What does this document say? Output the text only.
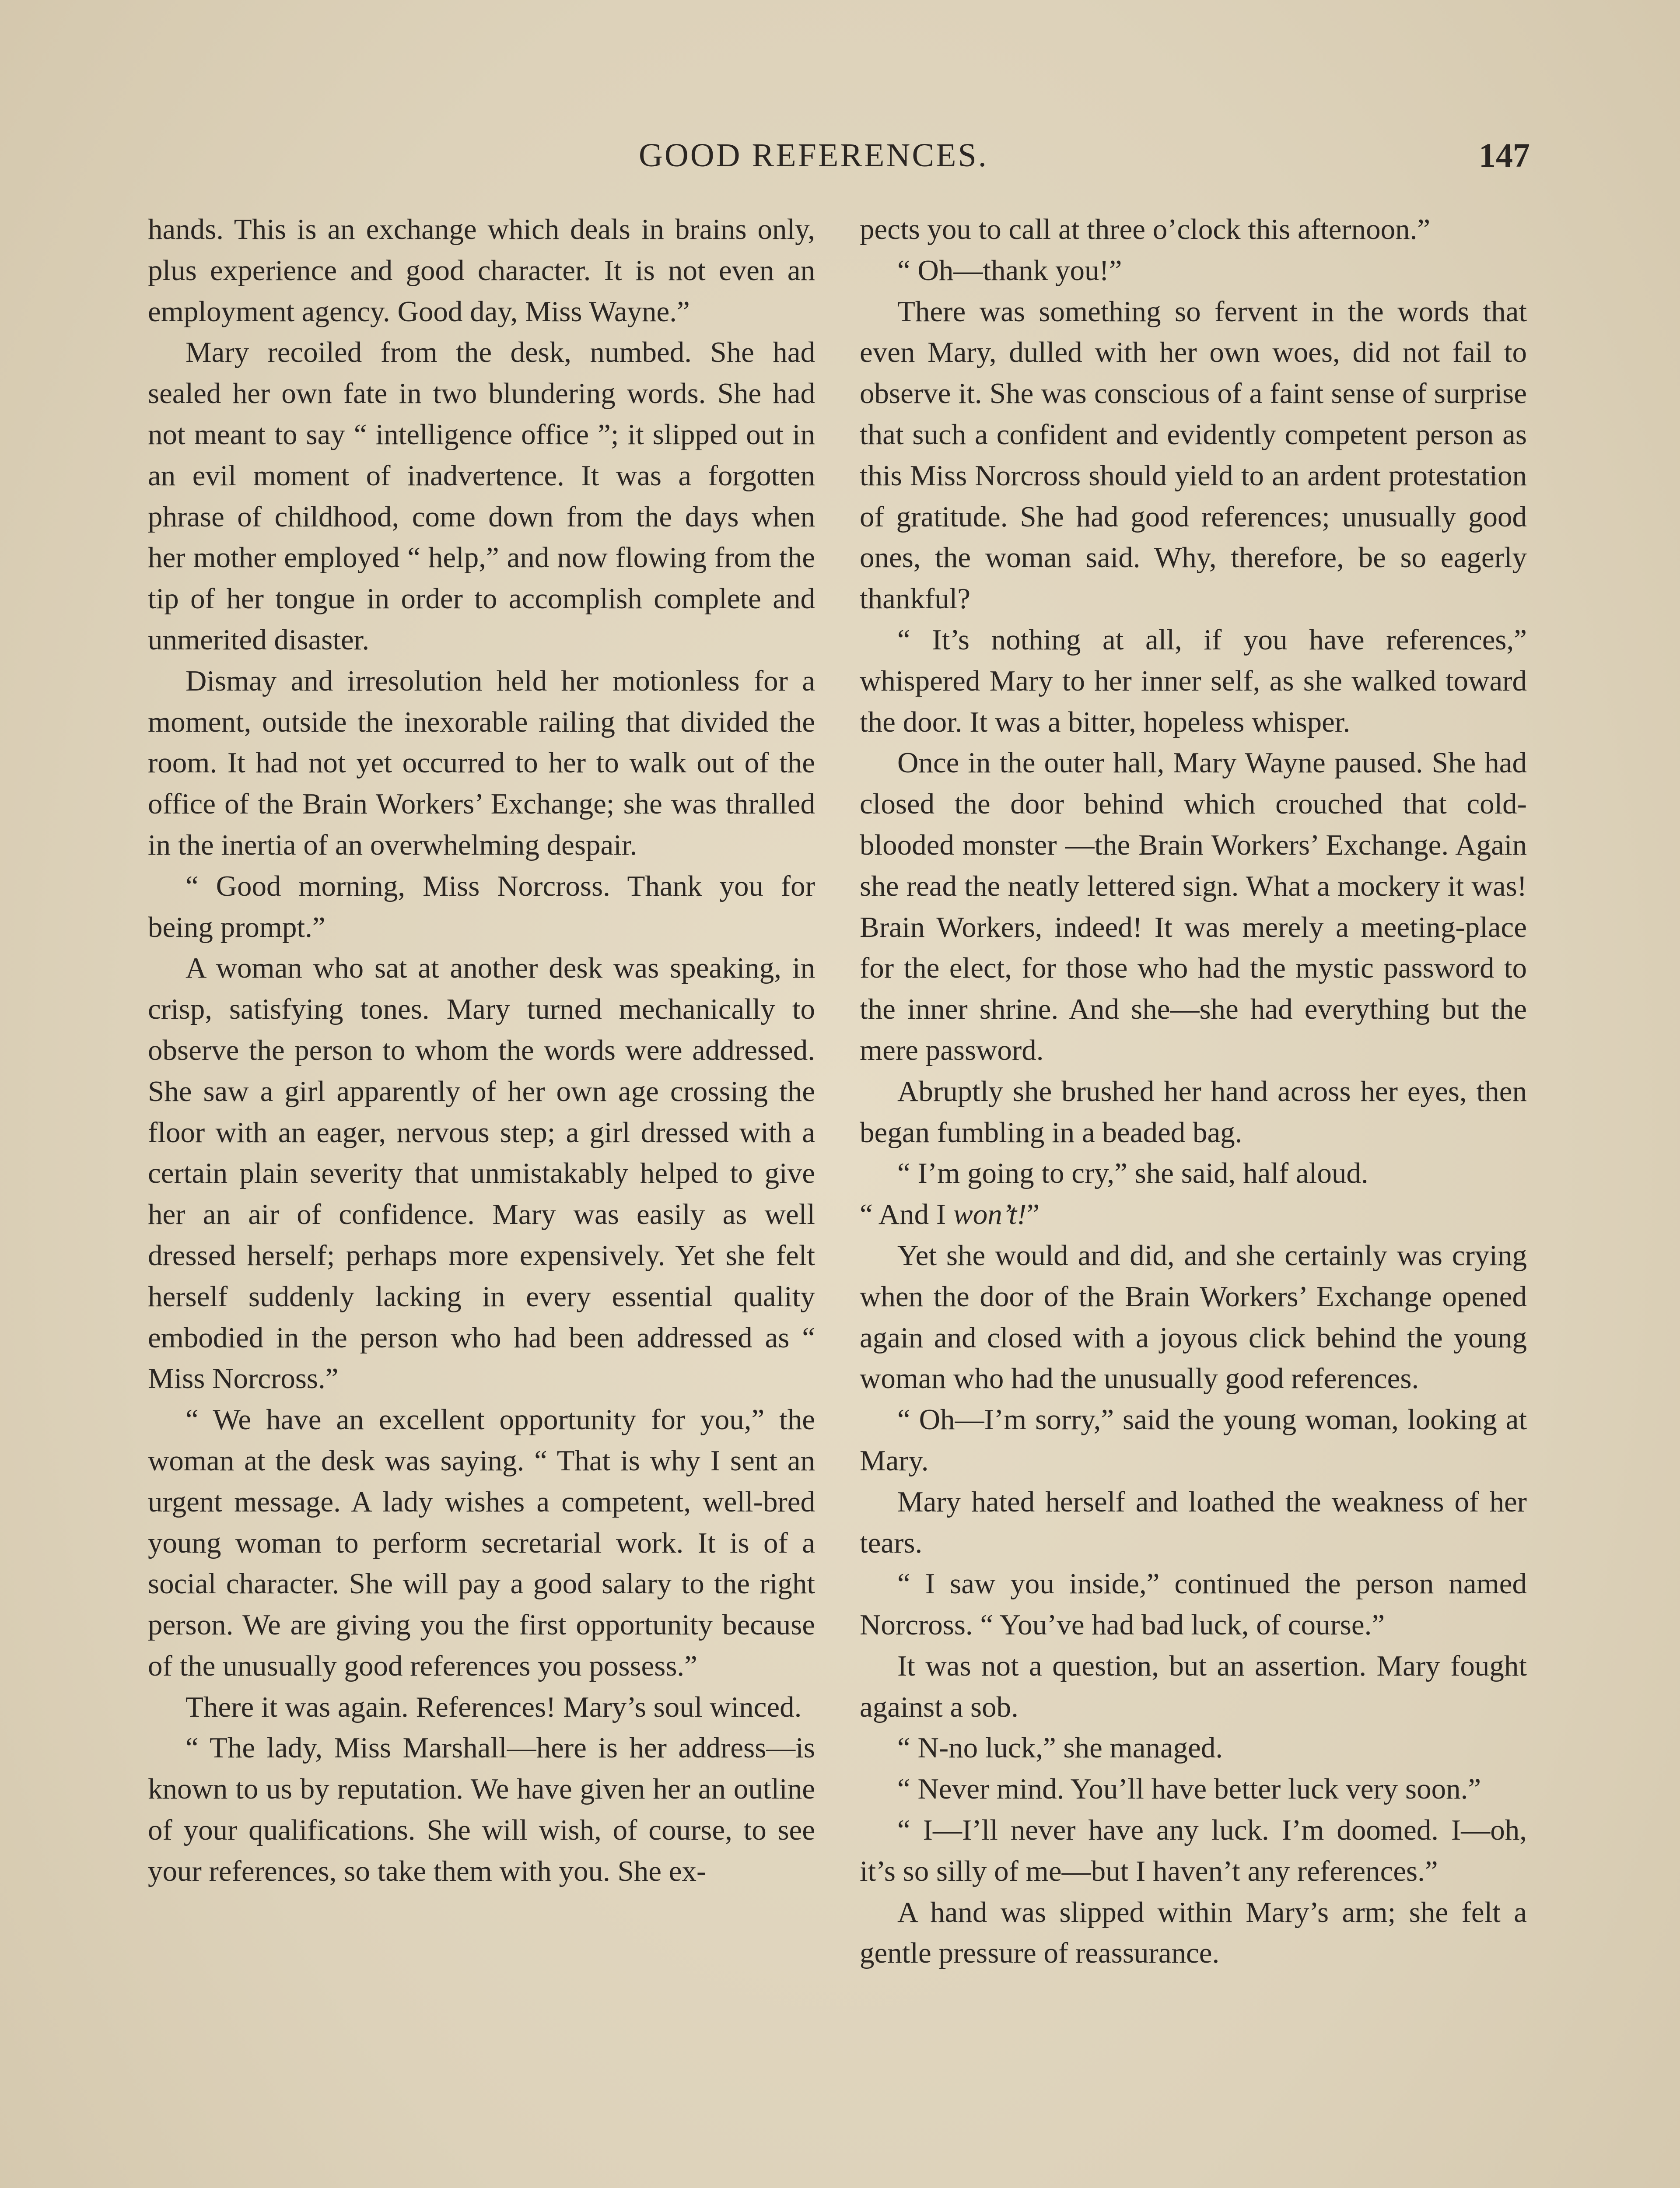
GOOD REFERENCES.	147

hands. This is an exchange which deals in brains only, plus experience and good character. It is not even an employment agency. Good day, Miss Wayne.”

Mary recoiled from the desk, numbed. She had sealed her own fate in two blundering words. She had not meant to say “ intelligence office ”; it slipped out in an evil moment of inadvertence. It was a forgotten phrase of childhood, come down from the days when her mother employed “ help,” and now flowing from the tip of her tongue in order to accomplish complete and unmerited disaster.

Dismay and irresolution held her motionless for a moment, outside the inexorable railing that divided the room. It had not yet occurred to her to walk out of the office of the Brain Workers’ Exchange; she was thralled in the inertia of an overwhelming despair.

“ Good morning, Miss Norcross. Thank you for being prompt.”

A woman who sat at another desk was speaking, in crisp, satisfying tones. Mary turned mechanically to observe the person to whom the words were addressed. She saw a girl apparently of her own age crossing the floor with an eager, nervous step; a girl dressed with a certain plain severity that unmistakably helped to give her an air of confidence. Mary was easily as well dressed herself; perhaps more expensively. Yet she felt herself suddenly lacking in every essential quality embodied in the person who had been addressed as “ Miss Norcross.”

“ We have an excellent opportunity for you,” the woman at the desk was saying. “ That is why I sent an urgent message. A lady wishes a competent, well-bred young woman to perform secretarial work. It is of a social character. She will pay a good salary to the right person. We are giving you the first opportunity because of the unusually good references you possess.”

There it was again. References! Mary’s soul winced.

“ The lady, Miss Marshall—here is her address—is known to us by reputation. We have given her an outline of your qualifications. She will wish, of course, to see your references, so take them with you. She ex-

pects you to call at three o’clock this afternoon.”

“ Oh—thank you!”

There was something so fervent in the words that even Mary, dulled with her own woes, did not fail to observe it. She was conscious of a faint sense of surprise that such a confident and evidently competent person as this Miss Norcross should yield to an ardent protestation of gratitude. She had good references; unusually good ones, the woman said. Why, therefore, be so eagerly thankful?

“ It’s nothing at all, if you have references,” whispered Mary to her inner self, as she walked toward the door. It was a bitter, hopeless whisper.

Once in the outer hall, Mary Wayne paused. She had closed the door behind which crouched that cold-blooded monster —the Brain Workers’ Exchange. Again she read the neatly lettered sign. What a mockery it was! Brain Workers, indeed! It was merely a meeting-place for the elect, for those who had the mystic password to the inner shrine. And she—she had everything but the mere password.

Abruptly she brushed her hand across her eyes, then began fumbling in a beaded bag.

“ I’m going to cry,” she said, half aloud.

“ And I won’t!”

Yet she would and did, and she certainly was crying when the door of the Brain Workers’ Exchange opened again and closed with a joyous click behind the young woman who had the unusually good references.

“ Oh—I’m sorry,” said the young woman, looking at Mary.

Mary hated herself and loathed the weakness of her tears.

“ I saw you inside,” continued the person named Norcross. “ You’ve had bad luck, of course.”

It was not a question, but an assertion. Mary fought against a sob.

“ N-no luck,” she managed.

“ Never mind. You’ll have better luck very soon.”

“ I—I’ll never have any luck. I’m doomed. I—oh, it’s so silly of me—but I haven’t any references.”

A hand was slipped within Mary’s arm; she felt a gentle pressure of reassurance.
